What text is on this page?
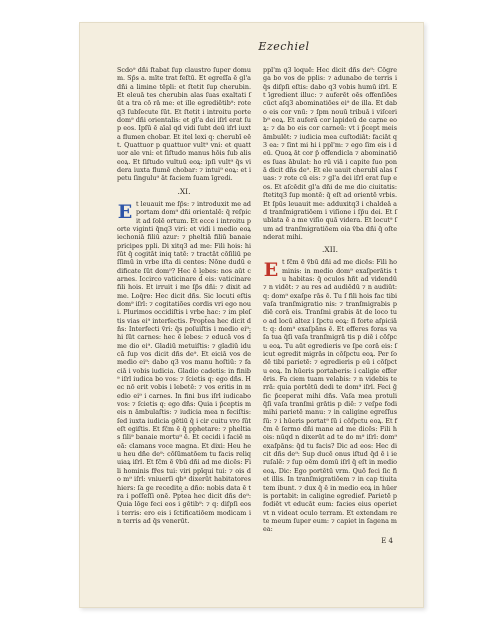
Ezechiel

Scdo⁹ dñi ſtabat ſup claustro ſuper domum. Sp̄s a. mīte trat feſtū. Et egreſſa ē gl'a dñi a limine tēpli: et ſtetit ſup cherubin. Et eleuā tes cherubin alas ſuas exaltati ſūt a tra cō rā me: et ille egrediētib⁹: rote q3 ſubſecute ſūt. Et ſtetit i introitu porte dom⁹ dñi orientalis: et gl'a dei iſrl erat ſup eos. Ipſū ē aīal qd vidi ſubt deū iſrl iuxta flumen chobar. Et itel lexi q: cherubī eēt. Quattuor p quattuor vult⁹ vni: et quattuor ale vni: et ſiſtudo manus hōis ſub alis eoꝝ. Et ſiſtudo vultuū eoꝝ: ipſi vult⁹ q̄s videra iuxta flumē chobar: ⁊ intui⁹ eoꝝ: et ipetu ſingulu⁹ āt faciem ſuam īgredi.

.XI.
E t leuauit me ſp̄s: ⁊ introduxit me ad portam dom⁹ dñi orientalē: q̄ reſpicit ad ſolē ortum. Et ecce i introitu porte viginti q̄nq3 viri: et vidi i medio eoꝝ iechoniā filiū azur: ⁊ pheltiā filiū banaie pricipes ppli. Di xitq3 ad me: Fili hois: hi ſūt q̄ cogitāt iniq tatē: ⁊ tractāt cōſiliū peſſimū in vrbe iſta di centes: Nōne dudū edificate ſūt dom⁹? Hec ē lebes: nos aūt carnes. Iccirco vaticinare d̄ eis: vaticinare fili hois. Et irruit i me ſp̄s dñi: ⁊ dixit ad me. Loq̄re: Hec dicit dñs. Sic locuti eſtis dom⁹ iſrl: ⁊ cogitatiões cordis vri ego noui. Plurimos occidiſtis i vrbe hac: ⁊ im pleſtis vias ei⁹ interfectis. Propt̄ea hec dicit dñs: Interfecti v̄ri: q̄s poſuiſtis i medio ei⁹: hi ſūt carnes: hec ē lebes: ⁊ educā vos d̄ me dio ei⁹. Gladiū metuiſtis: ⁊ gladiū iducā ſup vos dicit dñs de⁹. Et eiciā vos de medio ei⁹: dabo q3 vos manu hoſtiū: ⁊ faciā i vobis iudicia. Gladio cadetis: in finib⁹ iſrl iudica bo vos: ⁊ ſcietis q: ego dñs. Hec nō erit vobis i lebetē: ⁊ vos eritis in medio ei⁹ i carnes. In fini bus iſrl iudicabo vos: ⁊ ſcietis q: ego dñs: Quia i p̄ceptis meis n āmbulaſtis: ⁊ iudicia mea n feciſtis: ſed iuxta iudicia gētiū q̄ i cir cuitu vro ſūt eſt egiſtis. Et fc̄m ē q̄ pphetare: ⁊ pheltias ſili⁹ banaie mortu⁹ ē. Et cecidi i faciē meā: clamans voce magna. Et dixi: Heu heu heu dñe de⁹: cōſūmatōem tu facis reliquiaꝝ iſrl. Et fc̄m ē v̄bū dñi ad me dicēs: Fili hominis fr̄es tui: viri ppīqui tui: ⁊ ois do m⁹ iſrl: vniuerſi qb⁹ dixerūt habitatores hiers: ſa ge recedite a dño: nobis data ē tra i poſſeſſi onē. Ppt̄ea hec dicit dñs de⁹: Quia lōge feci eos i gētib⁹: ⁊ q: diſpſi eos i terris: ero eis i ſctificatiōem modicam in terris ad q̄s venerūt.

ppl'm q3 loquē: Hec dicit dñs de⁹: Cōgrega bo vos de pplis: ⁊ adunabo de terris i q̄s diſpſi eſtis: dabo q3 vobis humū iſrl. Et īgredient illuc: ⁊ auferēt oēs offenſiões cūct aſq3 abominatiōes ei⁹ de illa. Et dabo eis cor vnū: ⁊ ſpm nouū tribuā i viſcerib⁹ eoꝝ. Et auferā cor lapideū de carne eoꝝ: ⁊ da bo eis cor carneū: vt i p̄cept̄ meis āmbulēt: ⁊ iudicia mea cuſtodiāt: faciāt q3 ea: ⁊ ſint mi hi i ppl'm: ⁊ ego ſim eis i deū. Quoꝝ āt cor p̄ offendicla ⁊ abominatiōes ſuas ābulat: ho rū viā i capite ſuo ponā dicit dñs de⁹. Et ele uauit cherubī alas ſuas: ⁊ rote cū eis: ⁊ gl'a dei iſrl erat ſup eos. Et aſcēdit gl'a dñi de me dio ciuitatis: ſtetitq3 ſup montē: q̄ eſt ad orientē vrbis. Et ſpūs leuauit me: adduxitq3 i chaldeā ad tranſmigratiōem i viſione i ſp̄u dei. Et ſublata ē a me viſio quā videra. Et locut⁹ ſum ad tranſmigratiōem oia v̄ba dñi q̄ oſtenderat mihi.

.XII.
E t fc̄m ē v̄bū dñi ad me dicēs: Fili ho minis: in medio dom⁹ exaſperātis tu habitas: q̄ oculos hñt ad videndū ⁊ n vidēt: ⁊ au res ad audiēdū ⁊ n audiūt: q: dom⁹ exaſpe rās ē. Tu ſ fili hois fac tibi vaſa tranſmigratio nis: ⁊ tranſmigrabis p diē corā eis. Tranſmi grabis āt de loco tuo ad locū altez i ſpctu eoꝝ: ſi forte aſpiciāt: q: dom⁹ exaſpāns ē. Et efferes foras vaſa tua q̄ſi vaſa tranſmigrā tis p diē i cōſpcu eoꝝ. Tu aūt egredieris ve ſpe corā eis: ſicut egredit migrās in cōſpctu eoꝝ. Per ſodē tibi parietē: ⁊ egredieris p eū i cōſpctu eoꝝ. In hūeris portaberis: i caligie efferēris. Fa ciem tuam velabis: ⁊ n videbis terrā: quia portētū dedi te dom⁹ iſrl. Feci ḡ ſic p̄ceperat mihi dñs. Vaſa mea protuli q̄ſi vaſa tranſmi grātis p diē: ⁊ veſpe fodi mihi parietē manu: ⁊ in caligine egreſſus ſū: ⁊ i hūeris portat⁹ ſū i cōſpctu eoꝝ. Et fc̄m ē ſermo dñi mane ad me dicēs: Fili hois: nūqd n dixerūt ad te do m⁹ iſrl: dom⁹ exaſpāns: q̄d tu facis? Dic ad eos: Hec dicit dñs de⁹: Sup ducē onus iſtud q̄d ē i ieruſalē: ⁊ ſup oēm domū iſrl q̄ eſt in medio eoꝝ. Dic: Ego portētū vrm. Quō feci ſic fiet illis. In tranſmigratiōem ⁊ in cap tiuitatem ibunt. ⁊ dux q̄ ē in medio eoꝝ in hūeris portabit: in caligine egredief. Parietē pfodiēt vt educāt eum: facies eius operiet vt n videat oculo terram. Et extendam rete meum ſuper eum: ⁊ capiet in ſagena mea:

E 4
